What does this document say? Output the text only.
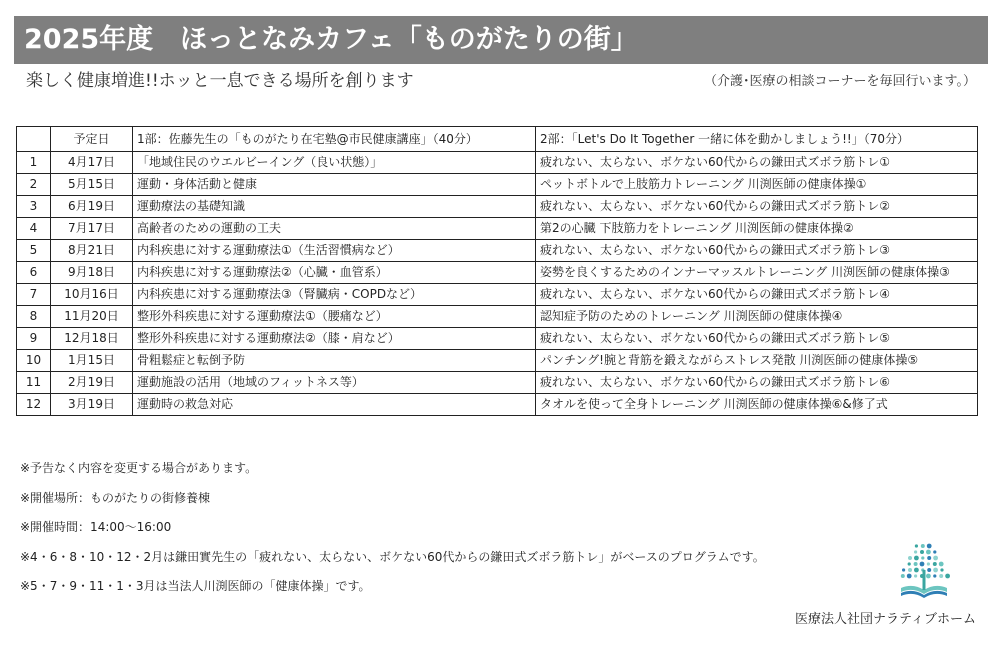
2025年度　ほっとなみカフェ「ものがたりの街」
楽しく健康増進!!ホッと一息できる場所を創ります	（介護･医療の相談コーナーを毎回行います。）
	予定日	1部：佐藤先生の「ものがたり在宅塾@市民健康講座」（40分）	2部：「Let's Do It Together 一緒に体を動かしましょう!!」（70分）
1	4月17日	「地域住民のウエルビーイング（良い状態）」	疲れない、太らない、ボケない60代からの鎌田式ズボラ筋トレ①
2	5月15日	運動・身体活動と健康	ペットボトルで上肢筋力トレーニング 川渕医師の健康体操①
3	6月19日	運動療法の基礎知識	疲れない、太らない、ボケない60代からの鎌田式ズボラ筋トレ②
4	7月17日	高齢者のための運動の工夫	第2の心臓 下肢筋力をトレーニング 川渕医師の健康体操②
5	8月21日	内科疾患に対する運動療法①（生活習慣病など）	疲れない、太らない、ボケない60代からの鎌田式ズボラ筋トレ③
6	9月18日	内科疾患に対する運動療法②（心臓・血管系）	姿勢を良くするためのインナーマッスルトレーニング 川渕医師の健康体操③
7	10月16日	内科疾患に対する運動療法③（腎臓病・COPDなど）	疲れない、太らない、ボケない60代からの鎌田式ズボラ筋トレ④
8	11月20日	整形外科疾患に対する運動療法①（腰痛など）	認知症予防のためのトレーニング 川渕医師の健康体操④
9	12月18日	整形外科疾患に対する運動療法②（膝・肩など）	疲れない、太らない、ボケない60代からの鎌田式ズボラ筋トレ⑤
10	1月15日	骨粗鬆症と転倒予防	パンチング!腕と背筋を鍛えながらストレス発散 川渕医師の健康体操⑤
11	2月19日	運動施設の活用（地域のフィットネス等）	疲れない、太らない、ボケない60代からの鎌田式ズボラ筋トレ⑥
12	3月19日	運動時の救急対応	タオルを使って全身トレーニング 川渕医師の健康体操⑥&修了式
※予告なく内容を変更する場合があります。
※開催場所：ものがたりの街修養棟
※開催時間：14:00〜16:00
※4・6・8・10・12・2月は鎌田實先生の「疲れない、太らない、ボケない60代からの鎌田式ズボラ筋トレ」がベースのプログラムです。
※5・7・9・11・1・3月は当法人川渕医師の「健康体操」です。
医療法人社団ナラティブホーム
